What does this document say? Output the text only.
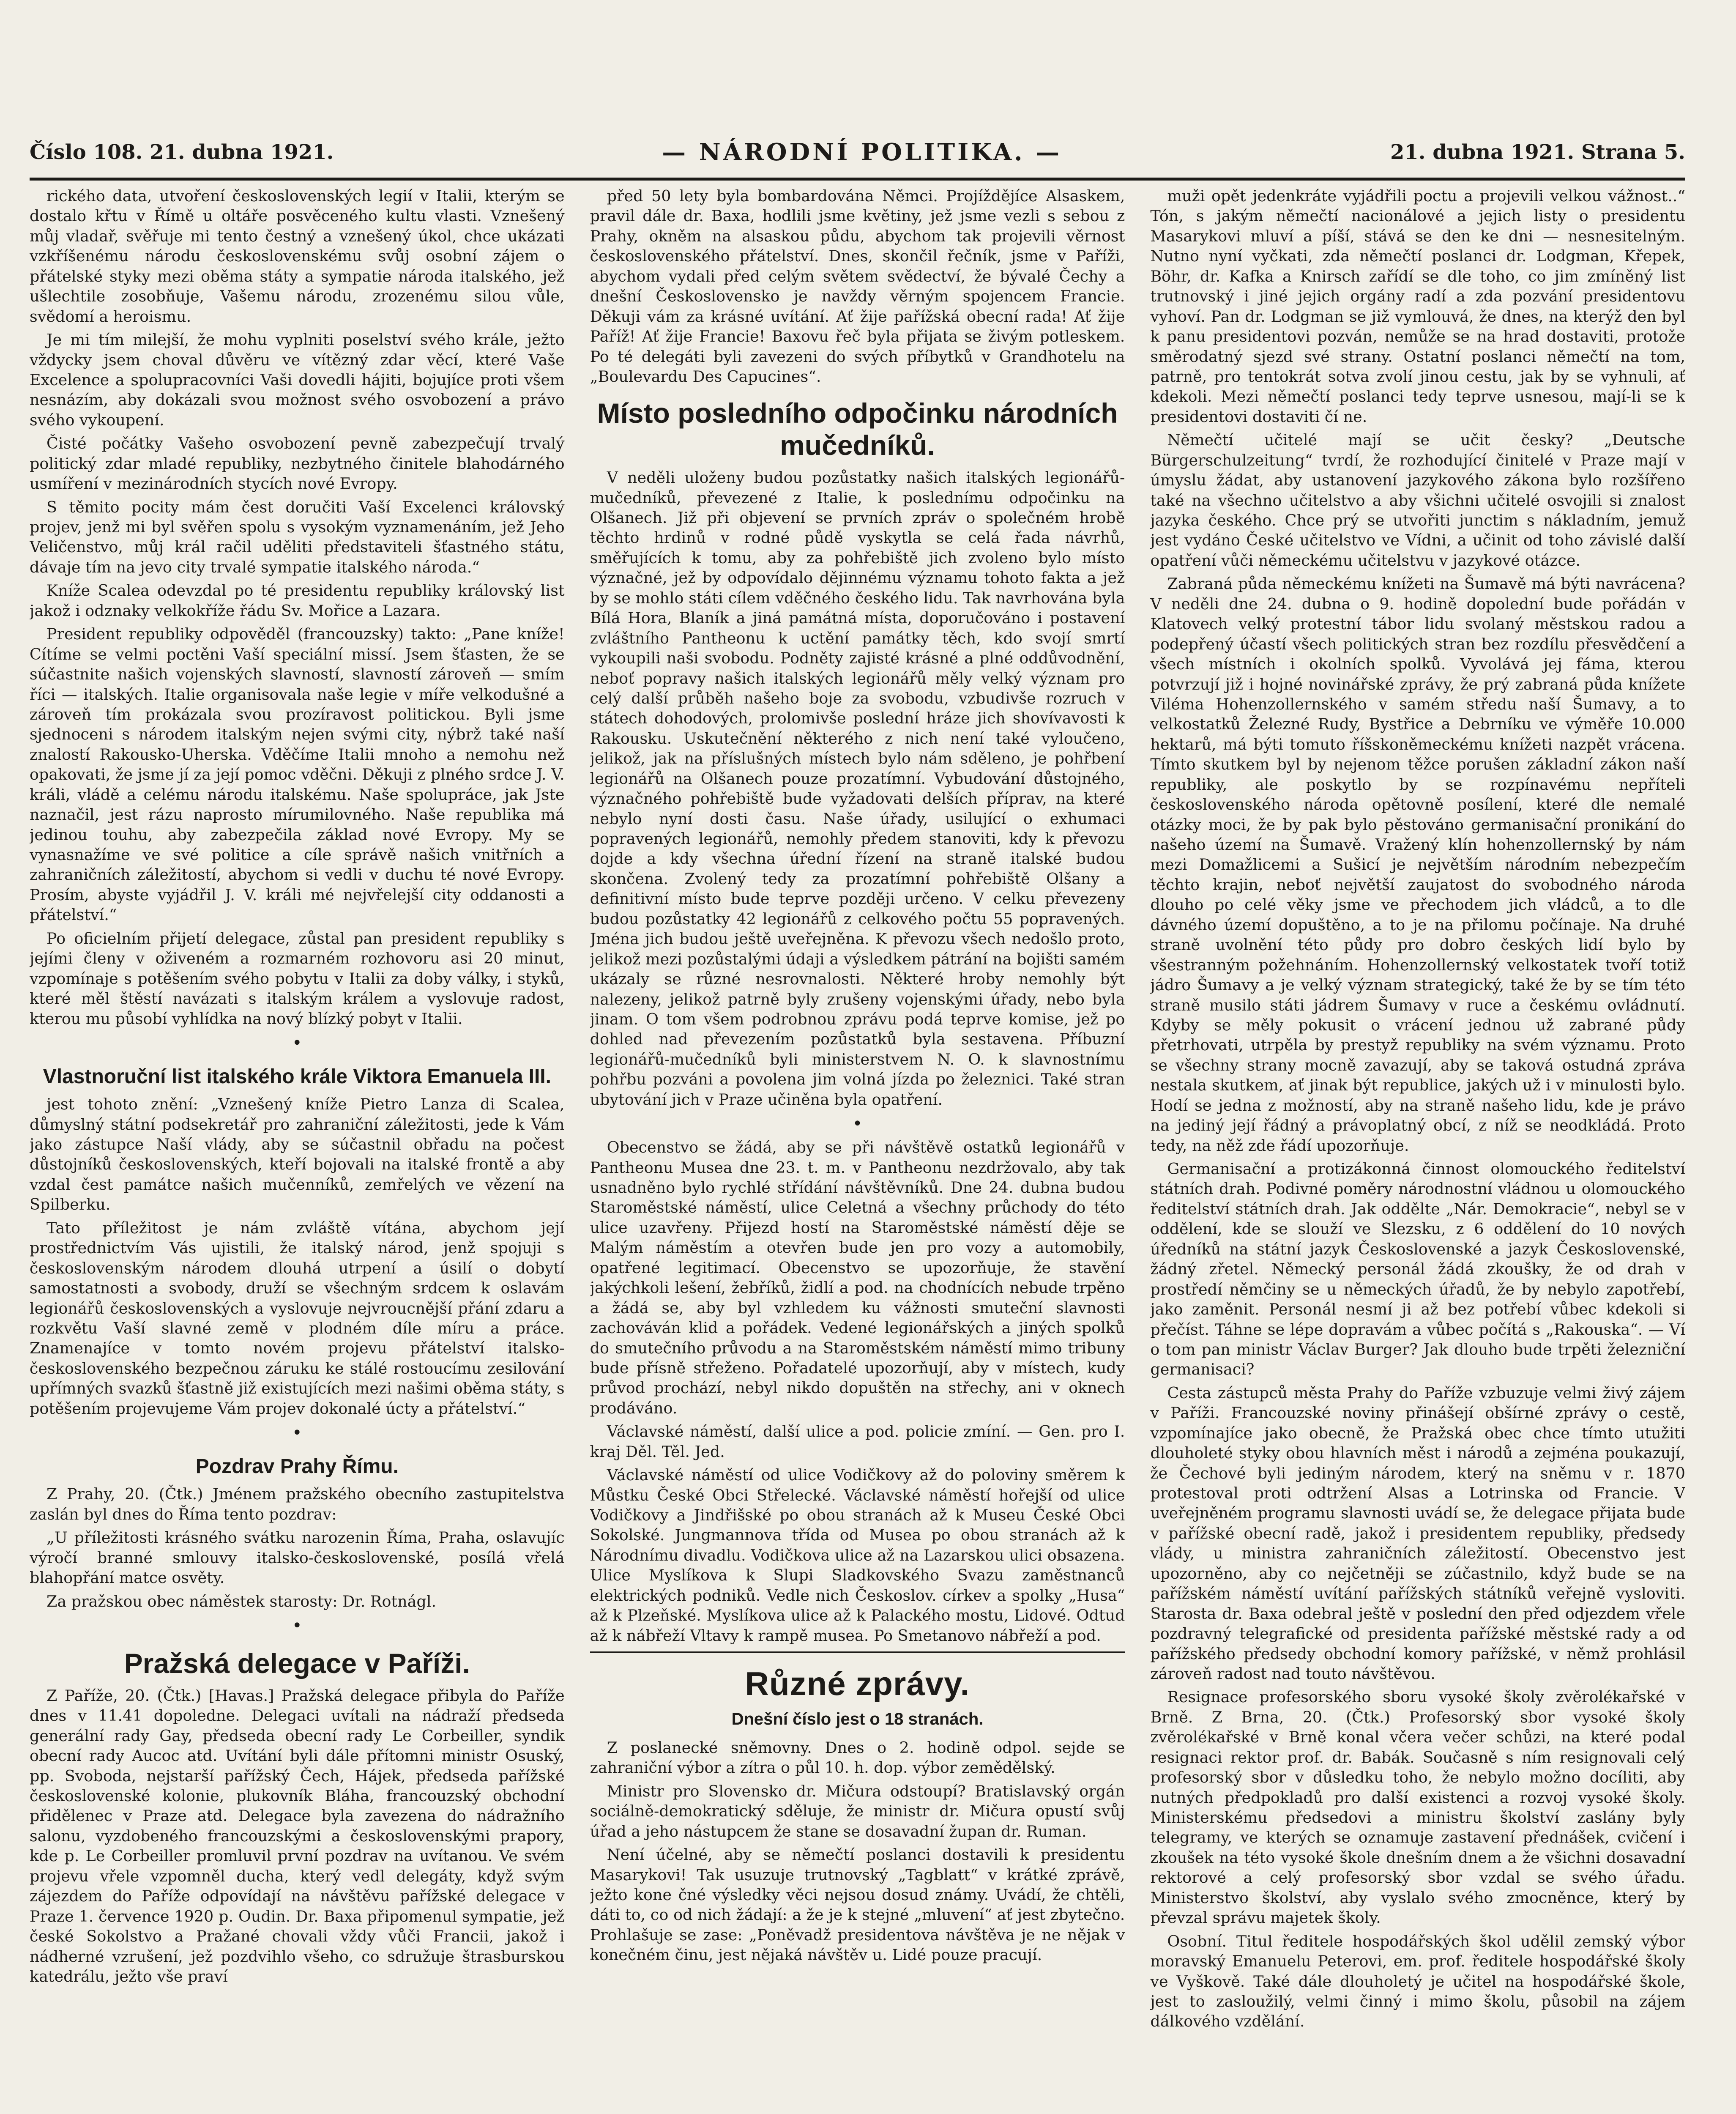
Číslo 108. 21. dubna 1921.	— NÁRODNÍ POLITIKA. —	21. dubna 1921. Strana 5.

rického data, utvoření československých legií v Italii, kterým se dostalo křtu v Římě u oltáře posvěceného kultu vlasti. Vznešený můj vladař, svěřuje mi tento čestný a vznešený úkol, chce ukázati vzkříšenému národu československému svůj osobní zájem o přátelské styky mezi oběma státy a sympatie národa italského, jež ušlechtile zosobňuje, Vašemu národu, zrozenému silou vůle, svědomí a heroismu.

Je mi tím milejší, že mohu vyplniti poselství svého krále, ježto vždycky jsem choval důvěru ve vítězný zdar věcí, které Vaše Excelence a spolupracovníci Vaši dovedli hájiti, bojujíce proti všem nesnázím, aby dokázali svou možnost svého osvobození a právo svého vykoupení.

Čisté počátky Vašeho osvobození pevně zabezpečují trvalý politický zdar mladé republiky, nezbytného činitele blahodárného usmíření v mezinárodních stycích nové Evropy.

S těmito pocity mám čest doručiti Vaší Excelenci královský projev, jenž mi byl svěřen spolu s vysokým vyznamenáním, jež Jeho Veličenstvo, můj král račil uděliti představiteli šťastného státu, dávaje tím na jevo city trvalé sympatie italského národa.“

Kníže Scalea odevzdal po té presidentu republiky královský list jakož i odznaky velkokříže řádu Sv. Mořice a Lazara.

President republiky odpověděl (francouzsky) takto: „Pane kníže! Cítíme se velmi poctěni Vaší speciální missí. Jsem šťasten, že se súčastnite našich vojenských slavností, slavností zároveň — smím říci — italských. Italie organisovala naše legie v míře velkodušné a zároveň tím prokázala svou prozíravost politickou. Byli jsme sjednoceni s národem italským nejen svými city, nýbrž také naší znalostí Rakousko-Uherska. Vděčíme Italii mnoho a nemohu než opakovati, že jsme jí za její pomoc vděčni. Děkuji z plného srdce J. V. králi, vládě a celému národu italskému. Naše spolupráce, jak Jste naznačil, jest rázu naprosto mírumilovného. Naše republika má jedinou touhu, aby zabezpečila základ nové Evropy. My se vynasnažíme ve své politice a cíle správě našich vnitřních a zahraničních záležitostí, abychom si vedli v duchu té nové Evropy. Prosím, abyste vyjádřil J. V. králi mé nejvřelejší city oddanosti a přátelství.“

Po oficielním přijetí delegace, zůstal pan president republiky s jejími členy v oživeném a rozmarném rozhovoru asi 20 minut, vzpomínaje s potěšením svého pobytu v Italii za doby války, i styků, které měl štěstí navázati s italským králem a vyslovuje radost, kterou mu působí vyhlídka na nový blízký pobyt v Italii.

•
Vlastnoruční list italského krále Viktora Emanuela III.

jest tohoto znění: „Vznešený kníže Pietro Lanza di Scalea, důmyslný státní podsekretář pro zahraniční záležitosti, jede k Vám jako zástupce Naší vlády, aby se súčastnil obřadu na počest důstojníků československých, kteří bojovali na italské frontě a aby vzdal čest památce našich mučenníků, zemřelých ve vězení na Spilberku.

Tato příležitost je nám zvláště vítána, abychom její prostřednictvím Vás ujistili, že italský národ, jenž spojuji s československým národem dlouhá utrpení a úsilí o dobytí samostatnosti a svobody, druží se všechným srdcem k oslavám legionářů československých a vyslovuje nejvroucnější přání zdaru a rozkvětu Vaší slavné země v plodném díle míru a práce. Znamenajíce v tomto novém projevu přátelství italsko-československého bezpečnou záruku ke stálé rostoucímu zesilování upřímných svazků šťastně již existujících mezi našimi oběma státy, s potěšením projevujeme Vám projev dokonalé úcty a přátelství.“

•
Pozdrav Prahy Římu.

Z Prahy, 20. (Čtk.) Jménem pražského obecního zastupitelstva zaslán byl dnes do Říma tento pozdrav:

„U příležitosti krásného svátku narozenin Říma, Praha, oslavujíc výročí branné smlouvy italsko-československé, posílá vřelá blahopřání matce osvěty.

Za pražskou obec náměstek starosty: Dr. Rotnágl.

•
Pražská delegace v Paříži.

Z Paříže, 20. (Čtk.) [Havas.] Pražská delegace přibyla do Paříže dnes v 11.41 dopoledne. Delegaci uvítali na nádraží předseda generální rady Gay, předseda obecní rady Le Corbeiller, syndik obecní rady Aucoc atd. Uvítání byli dále přítomni ministr Osuský, pp. Svoboda, nejstarší pařížský Čech, Hájek, předseda pařížské československé kolonie, plukovník Bláha, francouzský obchodní přidělenec v Praze atd. Delegace byla zavezena do nádražního salonu, vyzdobeného francouzskými a československými prapory, kde p. Le Corbeiller promluvil první pozdrav na uvítanou. Ve svém projevu vřele vzpomněl ducha, který vedl delegáty, když svým zájezdem do Paříže odpovídají na návštěvu pařížské delegace v Praze 1. července 1920 p. Oudin. Dr. Baxa připomenul sympatie, jež české Sokolstvo a Pražané chovali vždy vůči Francii, jakož i nádherné vzrušení, jež pozdvihlo všeho, co sdružuje štrasburskou katedrálu, ježto vše praví

před 50 lety byla bombardována Němci. Projíždějíce Alsaskem, pravil dále dr. Baxa, hodlili jsme květiny, jež jsme vezli s sebou z Prahy, okněm na alsaskou půdu, abychom tak projevili věrnost československého přátelství. Dnes, skončil řečník, jsme v Paříži, abychom vydali před celým světem svědectví, že bývalé Čechy a dnešní Československo je navždy věrným spojencem Francie. Děkuji vám za krásné uvítání. Ať žije pařížská obecní rada! Ať žije Paříž! Ať žije Francie! Baxovu řeč byla přijata se živým potleskem. Po té delegáti byli zavezeni do svých příbytků v Grandhotelu na „Boulevardu Des Capucines“.

Místo posledního odpočinku národních mučedníků.

V neděli uloženy budou pozůstatky našich italských legionářů-mučedníků, převezené z Italie, k poslednímu odpočinku na Olšanech. Již při objevení se prvních zpráv o společném hrobě těchto hrdinů v rodné půdě vyskytla se celá řada návrhů, směřujících k tomu, aby za pohřebiště jich zvoleno bylo místo význačné, jež by odpovídalo dějinnému významu tohoto fakta a jež by se mohlo státi cílem vděčného českého lidu. Tak navrhována byla Bílá Hora, Blaník a jiná památná místa, doporučováno i postavení zvláštního Pantheonu k uctění památky těch, kdo svojí smrtí vykoupili naši svobodu. Podněty zajisté krásné a plné oddůvodnění, neboť popravy našich italských legionářů měly velký význam pro celý další průběh našeho boje za svobodu, vzbudivše rozruch v státech dohodových, prolomivše poslední hráze jich shovívavosti k Rakousku. Uskutečnění některého z nich není také vyloučeno, jelikož, jak na příslušných místech bylo nám sděleno, je pohřbení legionářů na Olšanech pouze prozatímní. Vybudování důstojného, význačného pohřebiště bude vyžadovati delších příprav, na které nebylo nyní dosti času. Naše úřady, usilující o exhumaci popravených legionářů, nemohly předem stanoviti, kdy k převozu dojde a kdy všechna úřední řízení na straně italské budou skončena. Zvolený tedy za prozatímní pohřebiště Olšany a definitivní místo bude teprve později určeno. V celku převezeny budou pozůstatky 42 legionářů z celkového počtu 55 popravených. Jména jich budou ještě uveřejněna. K převozu všech nedošlo proto, jelikož mezi pozůstalými údaji a výsledkem pátrání na bojišti samém ukázaly se různé nesrovnalosti. Některé hroby nemohly být nalezeny, jelikož patrně byly zrušeny vojenskými úřady, nebo byla jinam. O tom všem podrobnou zprávu podá teprve komise, jež po dohled nad převezením pozůstatků byla sestavena. Příbuzní legionářů-mučedníků byli ministerstvem N. O. k slavnostnímu pohřbu pozváni a povolena jim volná jízda po železnici. Také stran ubytování jich v Praze učiněna byla opatření.

•

Obecenstvo se žádá, aby se při návštěvě ostatků legionářů v Pantheonu Musea dne 23. t. m. v Pantheonu nezdržovalo, aby tak usnadněno bylo rychlé střídání návštěvníků. Dne 24. dubna budou Staroměstské náměstí, ulice Celetná a všechny průchody do této ulice uzavřeny. Přijezd hostí na Staroměstské náměstí děje se Malým náměstím a otevřen bude jen pro vozy a automobily, opatřené legitimací. Obecenstvo se upozorňuje, že stavění jakýchkoli lešení, žebříků, židlí a pod. na chodnících nebude trpěno a žádá se, aby byl vzhledem ku vážnosti smuteční slavnosti zachováván klid a pořádek. Vedené legionářských a jiných spolků do smutečního průvodu a na Staroměstském náměstí mimo tribuny bude přísně střeženo. Pořadatelé upozorňují, aby v místech, kudy průvod prochází, nebyl nikdo dopuštěn na střechy, ani v oknech prodáváno.

Václavské náměstí, další ulice a pod. policie zmíní. — Gen. pro I. kraj Děl. Těl. Jed.

Václavské náměstí od ulice Vodičkovy až do poloviny směrem k Můstku České Obci Střelecké. Václavské náměstí hořejší od ulice Vodičkovy a Jindřišské po obou stranách až k Museu České Obci Sokolské. Jungmannova třída od Musea po obou stranách až k Národnímu divadlu. Vodičkova ulice až na Lazarskou ulici obsazena. Ulice Myslíkova k Slupi Sladkovského Svazu zaměstnanců elektrických podniků. Vedle nich Českoslov. církev a spolky „Husa“ až k Plzeňské. Myslíkova ulice až k Palackého mostu, Lidové. Odtud až k nábřeží Vltavy k rampě musea. Po Smetanovo nábřeží a pod.

Různé zprávy.
Dnešní číslo jest o 18 stranách.

Z poslanecké sněmovny. Dnes o 2. hodině odpol. sejde se zahraniční výbor a zítra o půl 10. h. dop. výbor zemědělský.

Ministr pro Slovensko dr. Mičura odstoupí? Bratislavský orgán sociálně-demokratický sděluje, že ministr dr. Mičura opustí svůj úřad a jeho nástupcem že stane se dosavadní župan dr. Ruman.

Není účelné, aby se němečtí poslanci dostavili k presidentu Masarykovi! Tak usuzuje trutnovský „Tagblatt“ v krátké zprávě, ježto kone čné výsledky věci nejsou dosud známy. Uvádí, že chtěli, dáti to, co od nich žádají: a že je k stejné „mluvení“ ať jest zbytečno. Prohlašuje se zase: „Poněvadž presidentova návštěva je ne nějak v konečném činu, jest nějaká návštěv u. Lidé pouze pracují.

muži opět jedenkráte vyjádřili poctu a projevili velkou vážnost..“ Tón, s jakým němečtí nacionálové a jejich listy o presidentu Masarykovi mluví a píší, stává se den ke dni — nesnesitelným. Nutno nyní vyčkati, zda němečtí poslanci dr. Lodgman, Křepek, Böhr, dr. Kafka a Knirsch zařídí se dle toho, co jim zmíněný list trutnovský i jiné jejich orgány radí a zda pozvání presidentovu vyhoví. Pan dr. Lodgman se již vymlouvá, že dnes, na kterýž den byl k panu presidentovi pozván, nemůže se na hrad dostaviti, protože směrodatný sjezd své strany. Ostatní poslanci němečtí na tom, patrně, pro tentokrát sotva zvolí jinou cestu, jak by se vyhnuli, ať kdekoli. Mezi němečtí poslanci tedy teprve usnesou, mají-li se k presidentovi dostaviti čí ne.

Němečtí učitelé mají se učit česky? „Deutsche Bürgerschulzeitung“ tvrdí, že rozhodující činitelé v Praze mají v úmyslu žádat, aby ustanovení jazykového zákona bylo rozšířeno také na všechno učitelstvo a aby všichni učitelé osvojili si znalost jazyka českého. Chce prý se utvořiti junctim s nákladním, jemuž jest vydáno České učitelstvo ve Vídni, a učinit od toho závislé další opatření vůči německému učitelstvu v jazykové otázce.

Zabraná půda německému knížeti na Šumavě má býti navrácena? V neděli dne 24. dubna o 9. hodině dopolední bude pořádán v Klatovech velký protestní tábor lidu svolaný městskou radou a podepřený účastí všech politických stran bez rozdílu přesvědčení a všech místních i okolních spolků. Vyvolává jej fáma, kterou potvrzují již i hojné novinářské zprávy, že prý zabraná půda knížete Viléma Hohenzollernského v samém středu naší Šumavy, a to velkostatků Železné Rudy, Bystřice a Debrníku ve výměře 10.000 hektarů, má býti tomuto říšskoněmeckému knížeti nazpět vrácena. Tímto skutkem byl by nejenom těžce porušen základní zákon naší republiky, ale poskytlo by se rozpínavému nepříteli československého národa opětovně posílení, které dle nemalé otázky moci, že by pak bylo pěstováno germanisační pronikání do našeho území na Šumavě. Vražený klín hohenzollernský by nám mezi Domažlicemi a Sušicí je největším národním nebezpečím těchto krajin, neboť největší zaujatost do svobodného národa dlouho po celé věky jsme ve přechodem jich vládců, a to dle dávného území dopuštěno, a to je na přilomu počínaje. Na druhé straně uvolnění této půdy pro dobro českých lidí bylo by všestranným požehnáním. Hohenzollernský velkostatek tvoří totiž jádro Šumavy a je velký význam strategický, také že by se tím této straně musilo státi jádrem Šumavy v ruce a českému ovládnutí. Kdyby se měly pokusit o vrácení jednou už zabrané půdy přetrhovati, utrpěla by prestyž republiky na svém významu. Proto se všechny strany mocně zavazují, aby se taková ostudná zpráva nestala skutkem, ať jinak být republice, jakých už i v minulosti bylo. Hodí se jedna z možností, aby na straně našeho lidu, kde je právo na jediný její řádný a právoplatný obcí, z níž se neodkládá. Proto tedy, na něž zde řádí upozorňuje.

Germanisační a protizákonná činnost olomouckého ředitelství státních drah. Podivné poměry národnostní vládnou u olomouckého ředitelství státních drah. Jak oddělte „Nár. Demokracie“, nebyl se v oddělení, kde se slouží ve Slezsku, z 6 oddělení do 10 nových úředníků na státní jazyk Československé a jazyk Československé, žádný zřetel. Německý personál žádá zkoušky, že od drah v prostředí němčiny se u německých úřadů, že by nebylo zapotřebí, jako zaměnit. Personál nesmí ji až bez potřebí vůbec kdekoli si přečíst. Táhne se lépe dopravám a vůbec počítá s „Rakouska“. — Ví o tom pan ministr Václav Burger? Jak dlouho bude trpěti železniční germanisaci?

Cesta zástupců města Prahy do Paříže vzbuzuje velmi živý zájem v Paříži. Francouzské noviny přinášejí obšírné zprávy o cestě, vzpomínajíce jako obecně, že Pražská obec chce tímto utužiti dlouholeté styky obou hlavních měst i národů a zejména poukazují, že Čechové byli jediným národem, který na sněmu v r. 1870 protestoval proti odtržení Alsas a Lotrinska od Francie. V uveřejněném programu slavnosti uvádí se, že delegace přijata bude v pařížské obecní radě, jakož i presidentem republiky, předsedy vlády, u ministra zahraničních záležitostí. Obecenstvo jest upozorněno, aby co nejčetněji se zúčastnilo, když bude se na pařížském náměstí uvítání pařížských státníků veřejně vysloviti. Starosta dr. Baxa odebral ještě v poslední den před odjezdem vřele pozdravný telegrafické od presidenta pařížské městské rady a od pařížského předsedy obchodní komory pařížské, v němž prohlásil zároveň radost nad touto návštěvou.

Resignace profesorského sboru vysoké školy zvěrolékařské v Brně. Z Brna, 20. (Čtk.) Profesorský sbor vysoké školy zvěrolékařské v Brně konal včera večer schůzi, na které podal resignaci rektor prof. dr. Babák. Současně s ním resignovali celý profesorský sbor v důsledku toho, že nebylo možno docíliti, aby nutných předpokladů pro další existenci a rozvoj vysoké školy. Ministerskému předsedovi a ministru školství zaslány byly telegramy, ve kterých se oznamuje zastavení přednášek, cvičení i zkoušek na této vysoké škole dnešním dnem a že všichni dosavadní rektorové a celý profesorský sbor vzdal se svého úřadu. Ministerstvo školství, aby vyslalo svého zmocněnce, který by převzal správu majetek školy.

Osobní. Titul ředitele hospodářských škol udělil zemský výbor moravský Emanuelu Peterovi, em. prof. ředitele hospodářské školy ve Vyškově. Také dále dlouholetý je učitel na hospodářské škole, jest to zasloužilý, velmi činný i mimo školu, působil na zájem dálkového vzdělání.
